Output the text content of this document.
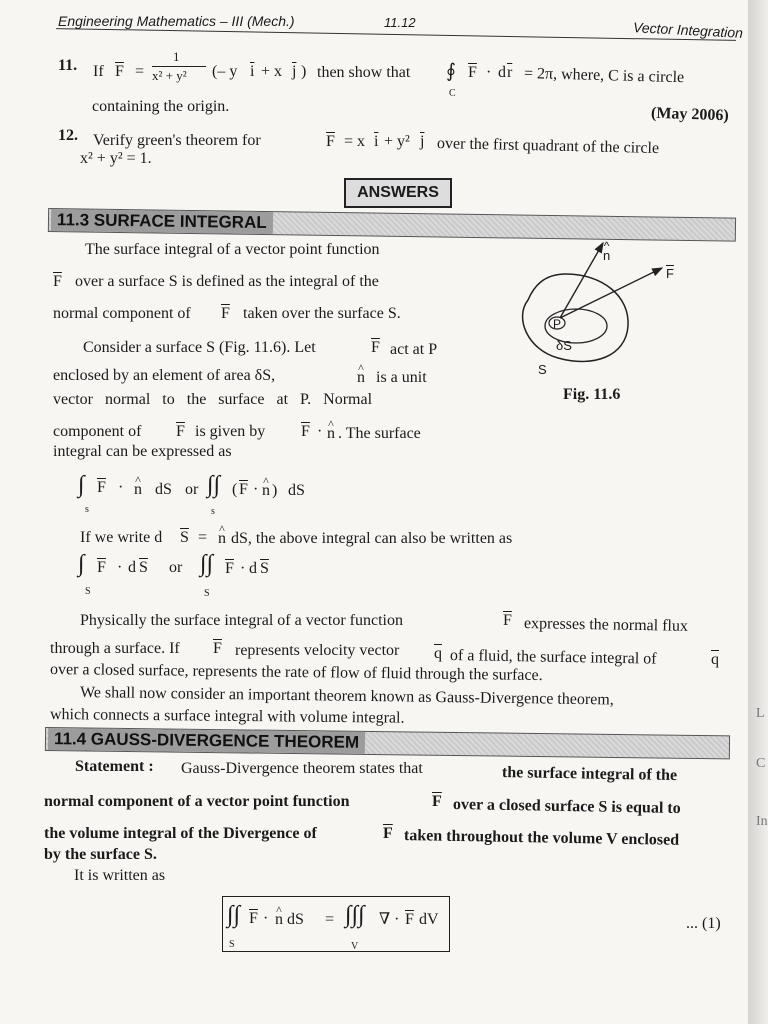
Engineering Mathematics – III (Mech.)	11.12	Vector Integration
11. If $\overline{F}$ =
1
x² + y² (– y $\overline{i} + x$ $\overline{j}$ ) then show that ∮
C
$\overline{F} \cdot d$ $\overline{r} = 2\pi$, where, C is a circle
containing the origin.	(May 2006)
12. Verify green's theorem for	$\overline{F} = x$ $\overline{i} + y^2$ $\overline{j}$ over the first quadrant of the circle
x² + y² = 1.
ANSWERS
11.3 SURFACE INTEGRAL
The surface integral of a vector point function
$\overline{F}$ over a surface S is defined as the integral of the
normal component of $\overline{F}$ taken over the surface S.
Consider a surface S (Fig. 11.6). Let	$\overline{F}$ act at P
enclosed by an element of area δS,	^ n is a unit
vector   normal   to   the   surface   at   P.   Normal
component of $\overline{F}$ is given by $\overline{F}$ · ^ n . The surface
integral can be expressed as
^ n
$\overline{F}$
P
δS
S
Fig. 11.6
∫
s
$\overline{F}$ · ^ n dS or ∫∫
s
( $\overline{F}$ · ^ n ) dS
If we write d $\overline{S}$ = ^ n dS, the above integral can also be written as
∫
S
$\overline{F} \cdot d$ $\overline{S}$ or ∫∫
S
$\overline{F} \cdot d$ $\overline{S}$
Physically the surface integral of a vector function	$\overline{F}$ expresses the normal flux
through a surface. If $\overline{F}$ represents velocity vector $\overline{q}$ of a fluid, the surface integral of	$\overline{q}$
over a closed surface, represents the rate of flow of fluid through the surface.
We shall now consider an important theorem known as Gauss-Divergence theorem,
which connects a surface integral with volume integral.
11.4 GAUSS-DIVERGENCE THEOREM
Statement : Gauss-Divergence theorem states that	the surface integral of the
normal component of a vector point function	$\overline{F}$ over a closed surface S is equal to
the volume integral of the Divergence of	$\overline{F}$ taken throughout the volume V enclosed
by the surface S.
It is written as
∫∫
S
$\overline{F}$ · ^ n dS = ∫∫∫
V
∇ · $\overline{F}$ dV	... (1)
L
C
In
